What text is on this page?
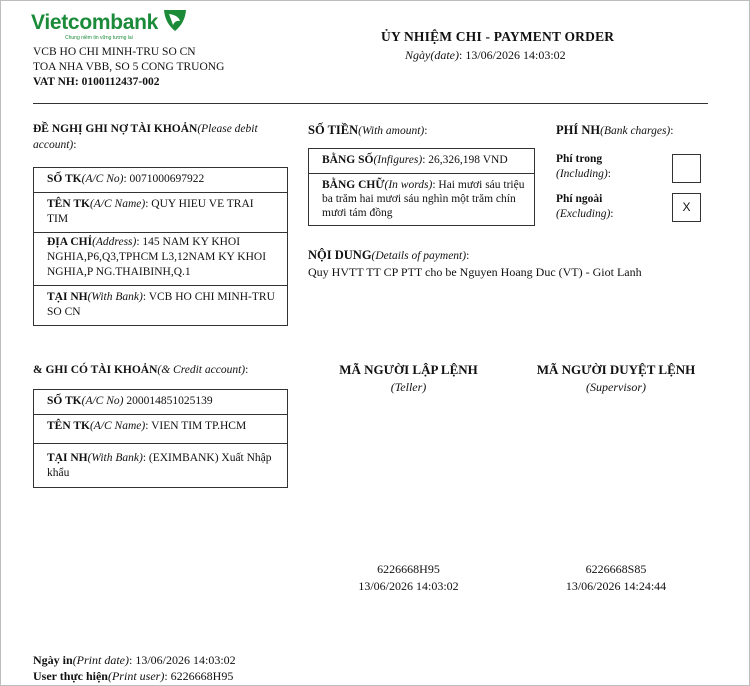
Vietcombank
Chung niềm tin vững tương lai
VCB HO CHI MINH-TRU SO CN
TOA NHA VBB, SO 5 CONG TRUONG
VAT NH: 0100112437-002
ỦY NHIỆM CHI - PAYMENT ORDER
Ngày(date): 13/06/2026 14:03:02
ĐỀ NGHỊ GHI NỢ TÀI KHOẢN(Please debit account):
SỐ TK(A/C No): 0071000697922
TÊN TK(A/C Name): QUY HIEU VE TRAI TIM
ĐỊA CHỈ(Address): 145 NAM KY KHOI NGHIA,P6,Q3,TPHCM L3,12NAM KY KHOI NGHIA,P NG.THAIBINH,Q.1
TẠI NH(With Bank): VCB HO CHI MINH-TRU SO CN
& GHI CÓ TÀI KHOẢN(& Credit account):
SỐ TK(A/C No) 200014851025139
TÊN TK(A/C Name): VIEN TIM TP.HCM
TẠI NH(With Bank): (EXIMBANK) Xuất Nhập khẩu
SỐ TIỀN(With amount):
BẰNG SỐ(Infigures): 26,326,198 VND
BẰNG CHỮ(In words): Hai mươi sáu triệu ba trăm hai mươi sáu nghìn một trăm chín mươi tám đồng
PHÍ NH(Bank charges):
Phí trong
(Including):
Phí ngoài
(Excluding):	X
NỘI DUNG(Details of payment):
Quy HVTT TT CP PTT cho be Nguyen Hoang Duc (VT) - Giot Lanh
MÃ NGƯỜI LẬP LỆNH
(Teller)
MÃ NGƯỜI DUYỆT LỆNH
(Supervisor)
6226668H95
13/06/2026 14:03:02
6226668S85
13/06/2026 14:24:44
Ngày in(Print date): 13/06/2026 14:03:02
User thực hiện(Print user): 6226668H95
